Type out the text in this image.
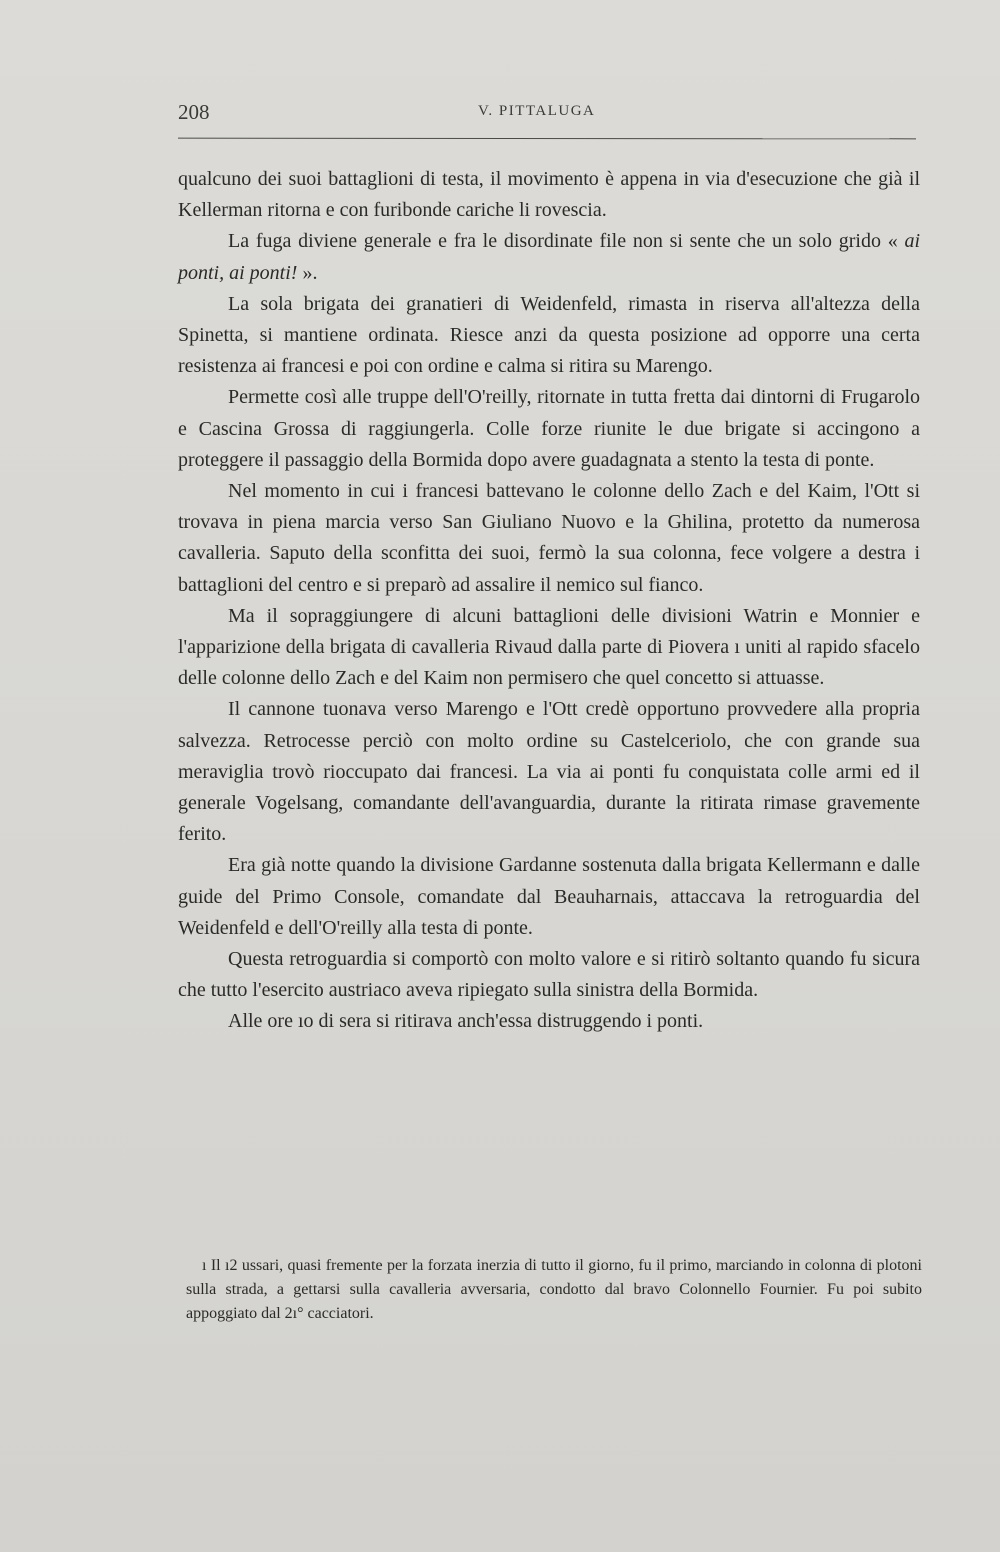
208	V. PITTALUGA

qualcuno dei suoi battaglioni di testa, il movimento è appena in via d'esecuzione che già il Kellerman ritorna e con furibonde cariche li rovescia.

La fuga diviene generale e fra le disordinate file non si sente che un solo grido « ai ponti, ai ponti! ».

La sola brigata dei granatieri di Weidenfeld, rimasta in riserva all'altezza della Spinetta, si mantiene ordinata. Riesce anzi da questa posizione ad opporre una certa resistenza ai francesi e poi con ordine e calma si ritira su Marengo.

Permette così alle truppe dell'O'reilly, ritornate in tutta fretta dai dintorni di Frugarolo e Cascina Grossa di raggiungerla. Colle forze riunite le due brigate si accingono a proteggere il passaggio della Bormida dopo avere guadagnata a stento la testa di ponte.

Nel momento in cui i francesi battevano le colonne dello Zach e del Kaim, l'Ott si trovava in piena marcia verso San Giuliano Nuovo e la Ghilina, protetto da numerosa cavalleria. Saputo della sconfitta dei suoi, fermò la sua colonna, fece volgere a destra i battaglioni del centro e si preparò ad assalire il nemico sul fianco.

Ma il sopraggiungere di alcuni battaglioni delle divisioni Watrin e Monnier e l'apparizione della brigata di cavalleria Rivaud dalla parte di Piovera ı uniti al rapido sfacelo delle colonne dello Zach e del Kaim non permisero che quel concetto si attuasse.

Il cannone tuonava verso Marengo e l'Ott credè opportuno provvedere alla propria salvezza. Retrocesse perciò con molto ordine su Castelceriolo, che con grande sua meraviglia trovò rioccupato dai francesi. La via ai ponti fu conquistata colle armi ed il generale Vogelsang, comandante dell'avanguardia, durante la ritirata rimase gravemente ferito.

Era già notte quando la divisione Gardanne sostenuta dalla brigata Kellermann e dalle guide del Primo Console, comandate dal Beauharnais, attaccava la retroguardia del Weidenfeld e dell'O'reilly alla testa di ponte.

Questa retroguardia si comportò con molto valore e si ritirò soltanto quando fu sicura che tutto l'esercito austriaco aveva ripiegato sulla sinistra della Bormida.

Alle ore ıo di sera si ritirava anch'essa distruggendo i ponti.

ı Il ı2 ussari, quasi fremente per la forzata inerzia di tutto il giorno, fu il primo, marciando in colonna di plotoni sulla strada, a gettarsi sulla cavalleria avversaria, condotto dal bravo Colonnello Fournier. Fu poi subito appoggiato dal 2ı° cacciatori.
